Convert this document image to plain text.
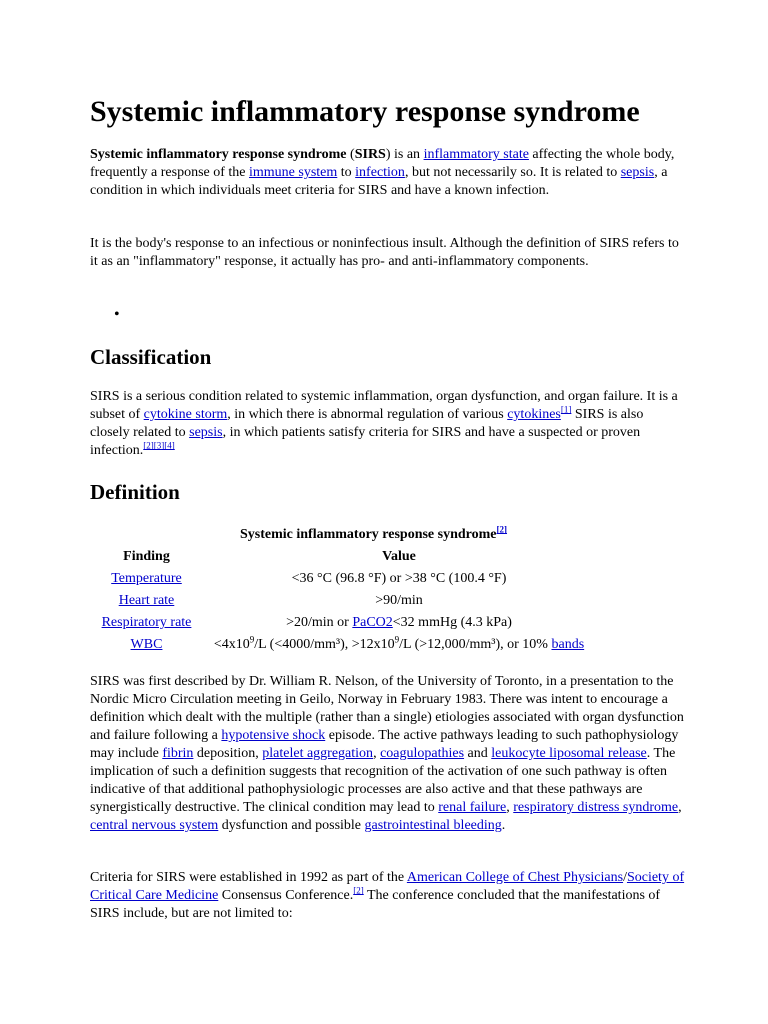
Systemic inflammatory response syndrome

Systemic inflammatory response syndrome (SIRS) is an inflammatory state affecting the whole body, frequently a response of the immune system to infection, but not necessarily so. It is related to sepsis, a condition in which individuals meet criteria for SIRS and have a known infection.

It is the body's response to an infectious or noninfectious insult. Although the definition of SIRS refers to it as an "inflammatory" response, it actually has pro- and anti-inflammatory components.

•
Classification

SIRS is a serious condition related to systemic inflammation, organ dysfunction, and organ failure. It is a subset of cytokine storm, in which there is abnormal regulation of various cytokines[1] SIRS is also closely related to sepsis, in which patients satisfy criteria for SIRS and have a suspected or proven infection.[2][3][4]

Definition
Systemic inflammatory response syndrome[2]
Finding	Value
Temperature	<36 °C (96.8 °F) or >38 °C (100.4 °F)
Heart rate	>90/min
Respiratory rate	>20/min or PaCO2<32 mmHg (4.3 kPa)
WBC	$<4x10^9/L$ (<4000/mm³), $>12x10^9/L$ (>12,000/mm³), or 10% bands

SIRS was first described by Dr. William R. Nelson, of the University of Toronto, in a presentation to the Nordic Micro Circulation meeting in Geilo, Norway in February 1983. There was intent to encourage a definition which dealt with the multiple (rather than a single) etiologies associated with organ dysfunction and failure following a hypotensive shock episode. The active pathways leading to such pathophysiology may include fibrin deposition, platelet aggregation, coagulopathies and leukocyte liposomal release. The implication of such a definition suggests that recognition of the activation of one such pathway is often indicative of that additional pathophysiologic processes are also active and that these pathways are synergistically destructive. The clinical condition may lead to renal failure, respiratory distress syndrome, central nervous system dysfunction and possible gastrointestinal bleeding.

Criteria for SIRS were established in 1992 as part of the American College of Chest Physicians/Society of Critical Care Medicine Consensus Conference.[2] The conference concluded that the manifestations of SIRS include, but are not limited to:
